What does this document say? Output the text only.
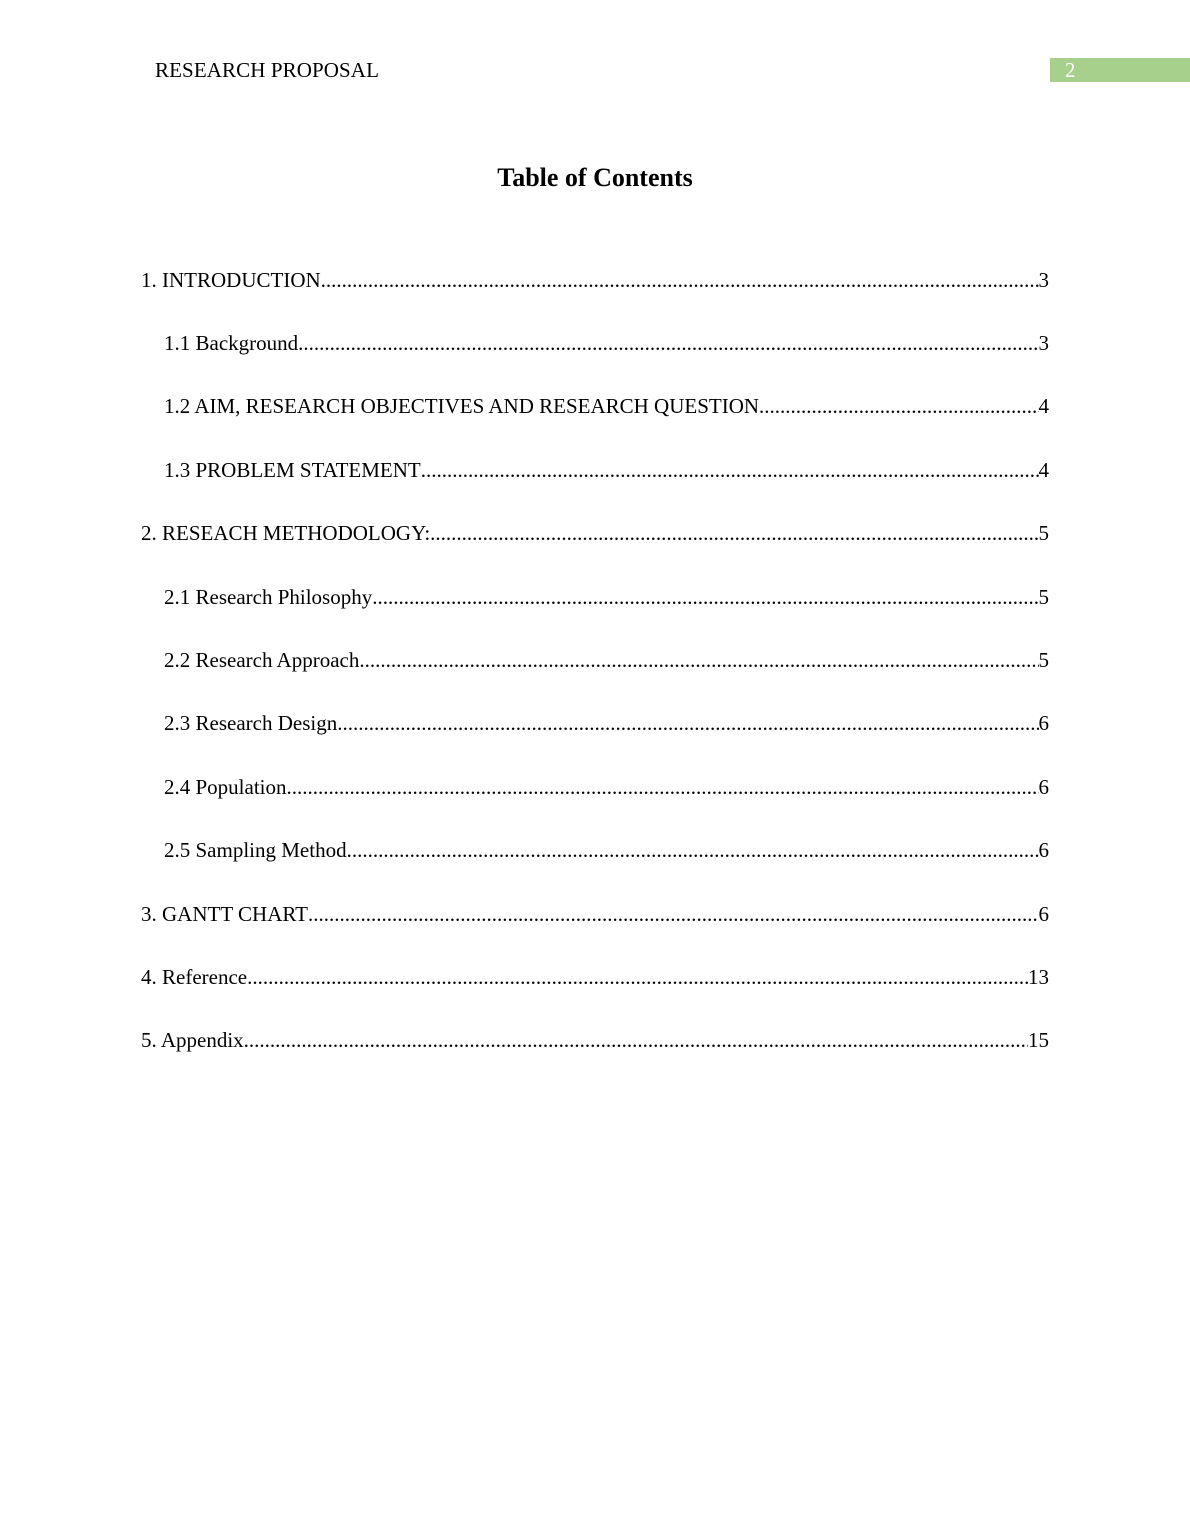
RESEARCH PROPOSAL	2
Table of Contents
1. INTRODUCTION .....	3
1.1 Background .....	3
1.2 AIM, RESEARCH OBJECTIVES AND RESEARCH QUESTION .....	4
1.3 PROBLEM STATEMENT .....	4
2. RESEACH METHODOLOGY: .....	5
2.1 Research Philosophy .....	5
2.2 Research Approach .....	5
2.3 Research Design .....	6
2.4 Population .....	6
2.5 Sampling Method .....	6
3. GANTT CHART .....	6
4. Reference .....	13
5. Appendix .....	15
